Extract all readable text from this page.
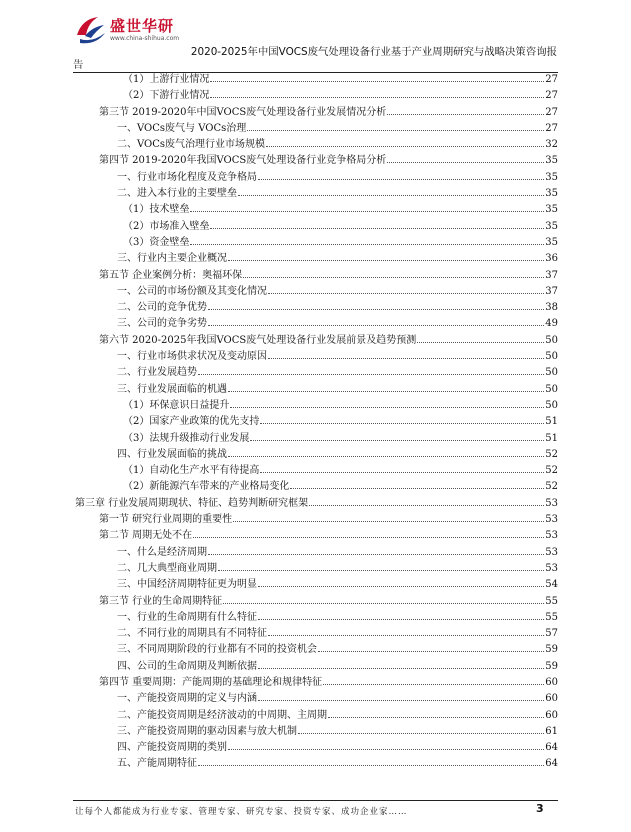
盛世华研
www.china-shihua.com
2020-2025年中国VOCS废气处理设备行业基于产业周期研究与战略决策咨询报
告
（1）上游行业情况	27
（2）下游行业情况	27
第三节 2019-2020年中国VOCS废气处理设备行业发展情况分析	27
一、VOCs废气与 VOCs治理	27
二、VOCs废气治理行业市场规模	32
第四节 2019-2020年我国VOCS废气处理设备行业竞争格局分析	35
一、行业市场化程度及竞争格局	35
二、进入本行业的主要壁垒	35
（1）技术壁垒	35
（2）市场准入壁垒	35
（3）资金壁垒	35
三、行业内主要企业概况	36
第五节 企业案例分析：奥福环保	37
一、公司的市场份额及其变化情况	37
二、公司的竞争优势	38
三、公司的竞争劣势	49
第六节 2020-2025年我国VOCS废气处理设备行业发展前景及趋势预测	50
一、行业市场供求状况及变动原因	50
二、行业发展趋势	50
三、行业发展面临的机遇	50
（1）环保意识日益提升	50
（2）国家产业政策的优先支持	51
（3）法规升级推动行业发展	51
四、行业发展面临的挑战	52
（1）自动化生产水平有待提高	52
（2）新能源汽车带来的产业格局变化	52
第三章 行业发展周期现状、特征、趋势判断研究框架	53
第一节 研究行业周期的重要性	53
第二节 周期无处不在	53
一、什么是经济周期	53
二、几大典型商业周期	53
三、中国经济周期特征更为明显	54
第三节 行业的生命周期特征	55
一、行业的生命周期有什么特征	55
二、不同行业的周期具有不同特征	57
三、不同周期阶段的行业都有不同的投资机会	59
四、公司的生命周期及判断依据	59
第四节 重要周期：产能周期的基础理论和规律特征	60
一、产能投资周期的定义与内涵	60
二、产能投资周期是经济波动的中周期、主周期	60
三、产能投资周期的驱动因素与放大机制	61
四、产能投资周期的类别	64
五、产能周期特征	64
让每个人都能成为行业专家、管理专家、研究专家、投资专家、成功企业家……	3
